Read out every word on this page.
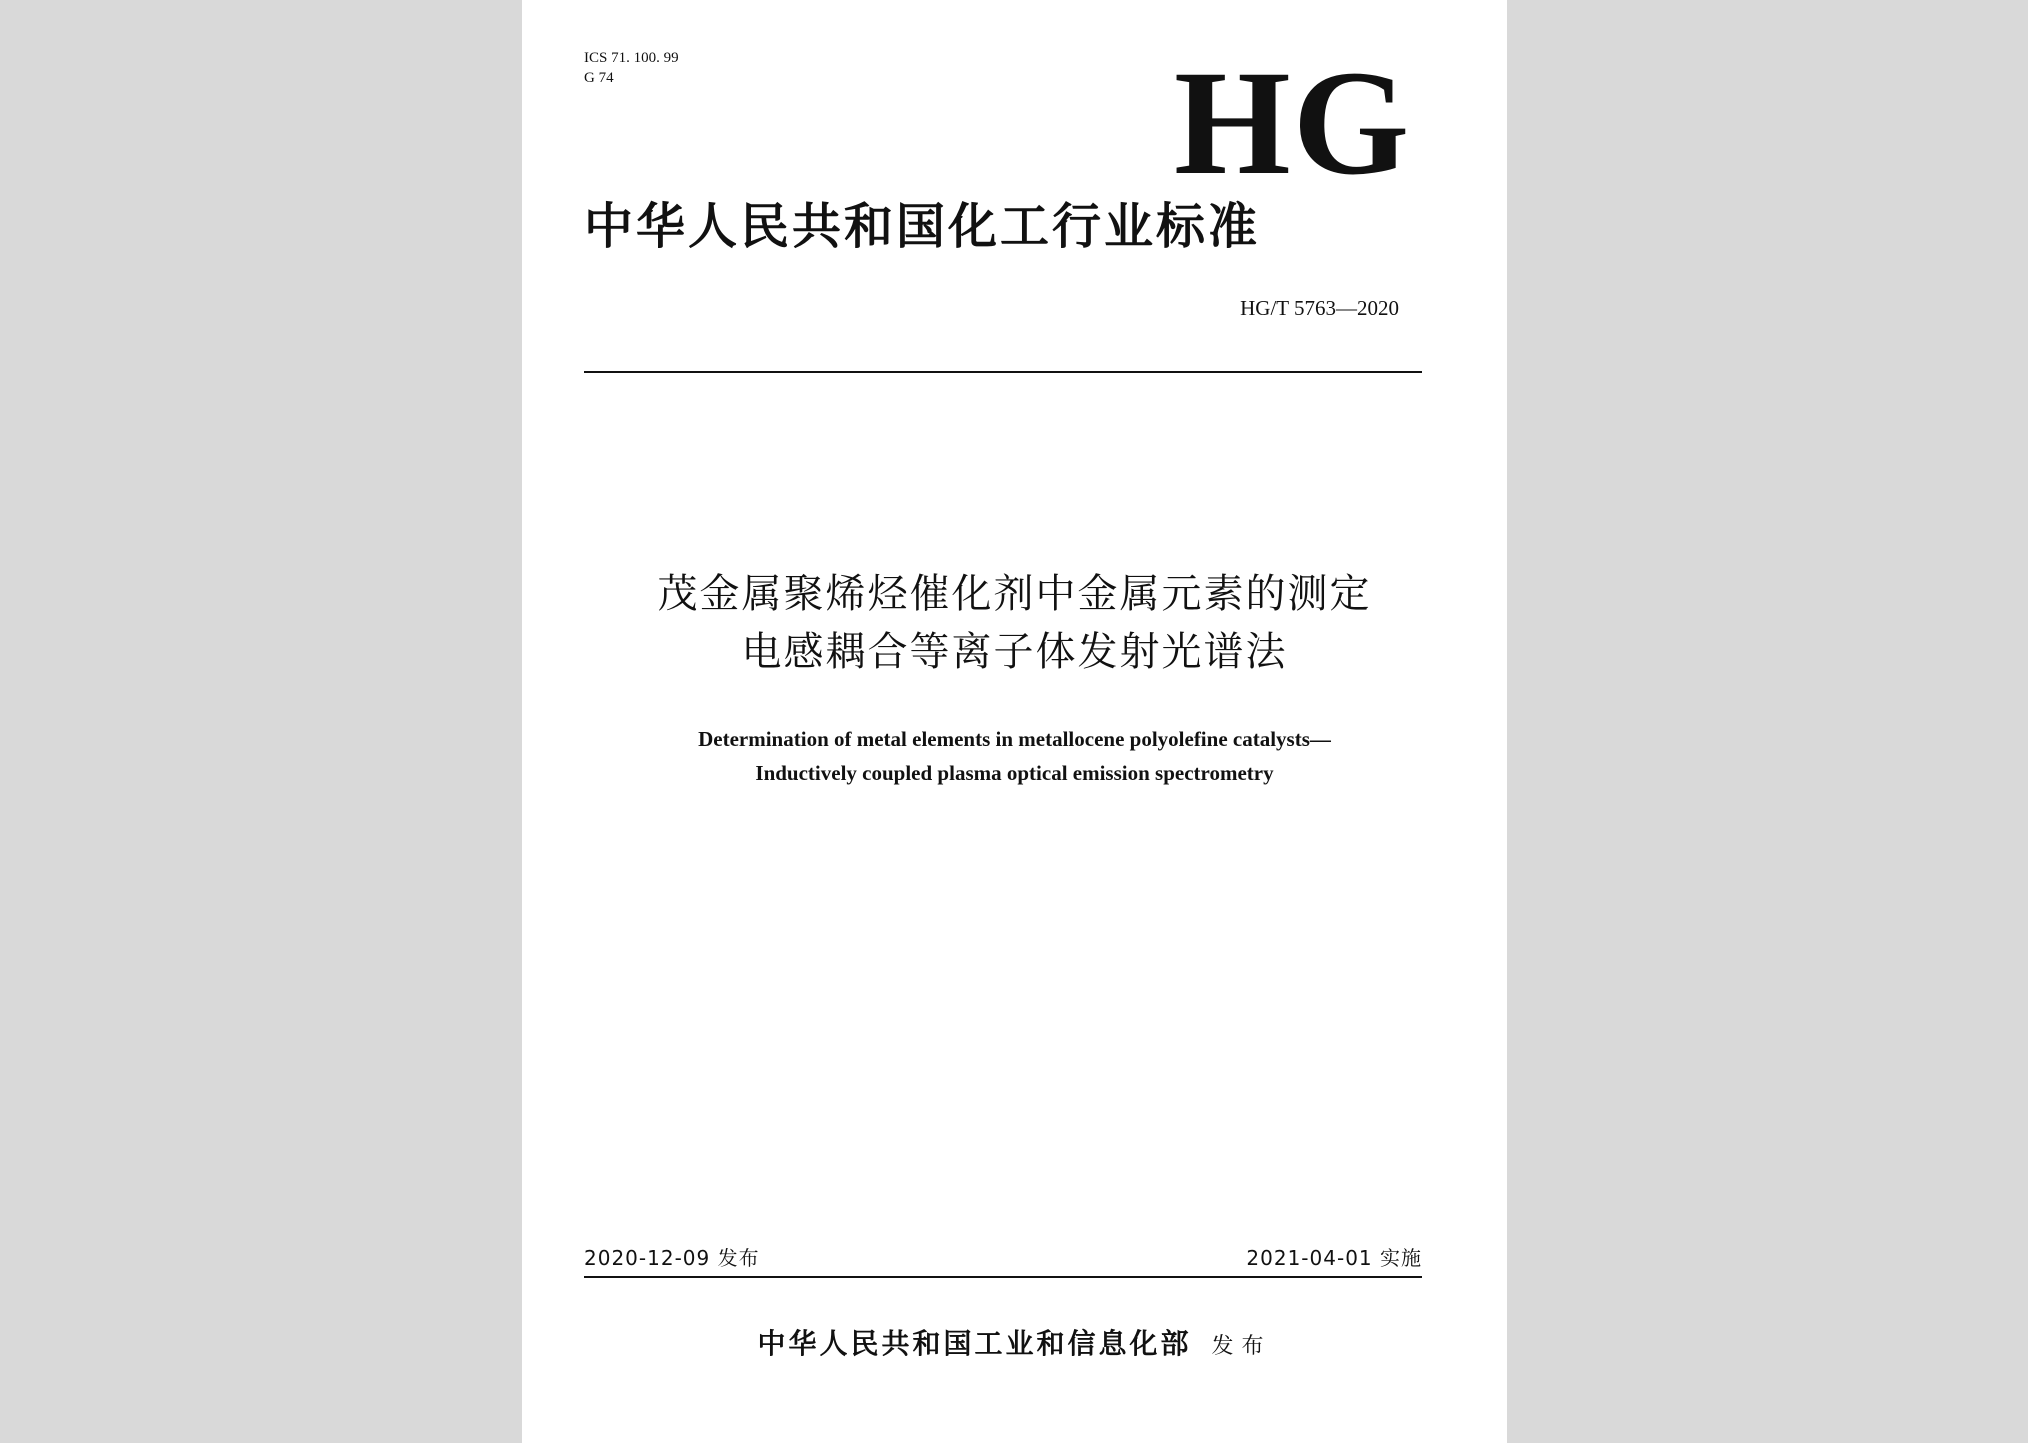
ICS 71. 100. 99
G 74	HG
中华人民共和国化工行业标准
HG/T 5763—2020
茂金属聚烯烃催化剂中金属元素的测定
电感耦合等离子体发射光谱法
Determination of metal elements in metallocene polyolefine catalysts—
Inductively coupled plasma optical emission spectrometry
2020-12-09 发布	2021-04-01 实施
中华人民共和国工业和信息化部 发布
